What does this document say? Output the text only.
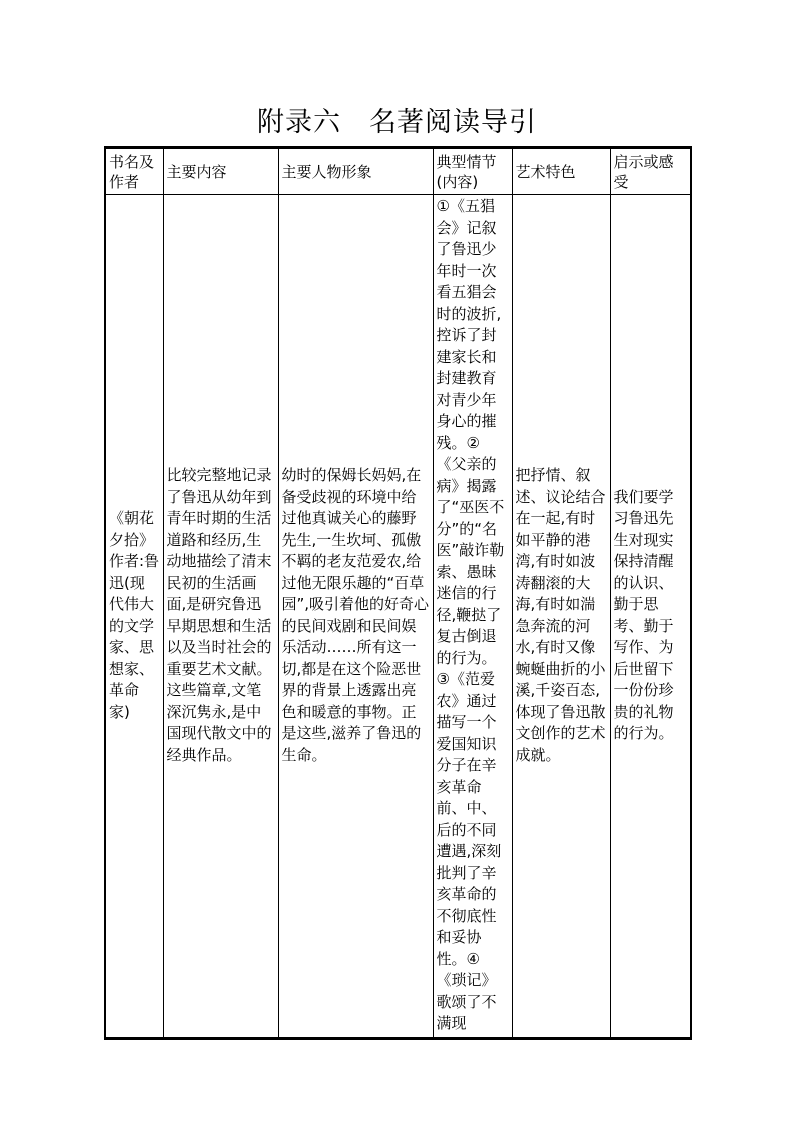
附录六　名著阅读导引
书名及作者	主要内容	主要人物形象	典型情节(内容)	艺术特色	启示或感受
《朝花夕拾》作者:鲁迅(现代伟大的文学家、思想家、革命家)	比较完整地记录了鲁迅从幼年到青年时期的生活道路和经历,生动地描绘了清末民初的生活画面,是研究鲁迅早期思想和生活以及当时社会的重要艺术文献。这些篇章,文笔深沉隽永,是中国现代散文中的经典作品。	幼时的保姆长妈妈,在备受歧视的环境中给过他真诚关心的藤野先生,一生坎坷、孤傲不羁的老友范爱农,给过他无限乐趣的“百草园”,吸引着他的好奇心的民间戏剧和民间娱乐活动……所有这一切,都是在这个险恶世界的背景上透露出亮色和暖意的事物。正是这些,滋养了鲁迅的生命。	①《五猖会》记叙了鲁迅少年时一次看五猖会时的波折,控诉了封建家长和封建教育对青少年身心的摧残。②《父亲的病》揭露了“巫医不分”的“名医”敲诈勒索、愚昧迷信的行径,鞭挞了复古倒退的行为。③《范爱农》通过描写一个爱国知识分子在辛亥革命前、中、后的不同遭遇,深刻批判了辛亥革命的不彻底性和妥协性。④《琐记》歌颂了不满现	把抒情、叙述、议论结合在一起,有时如平静的港湾,有时如波涛翻滚的大海,有时如湍急奔流的河水,有时又像蜿蜒曲折的小溪,千姿百态,体现了鲁迅散文创作的艺术成就。	我们要学习鲁迅先生对现实保持清醒的认识、勤于思考、勤于写作、为后世留下一份份珍贵的礼物的行为。
